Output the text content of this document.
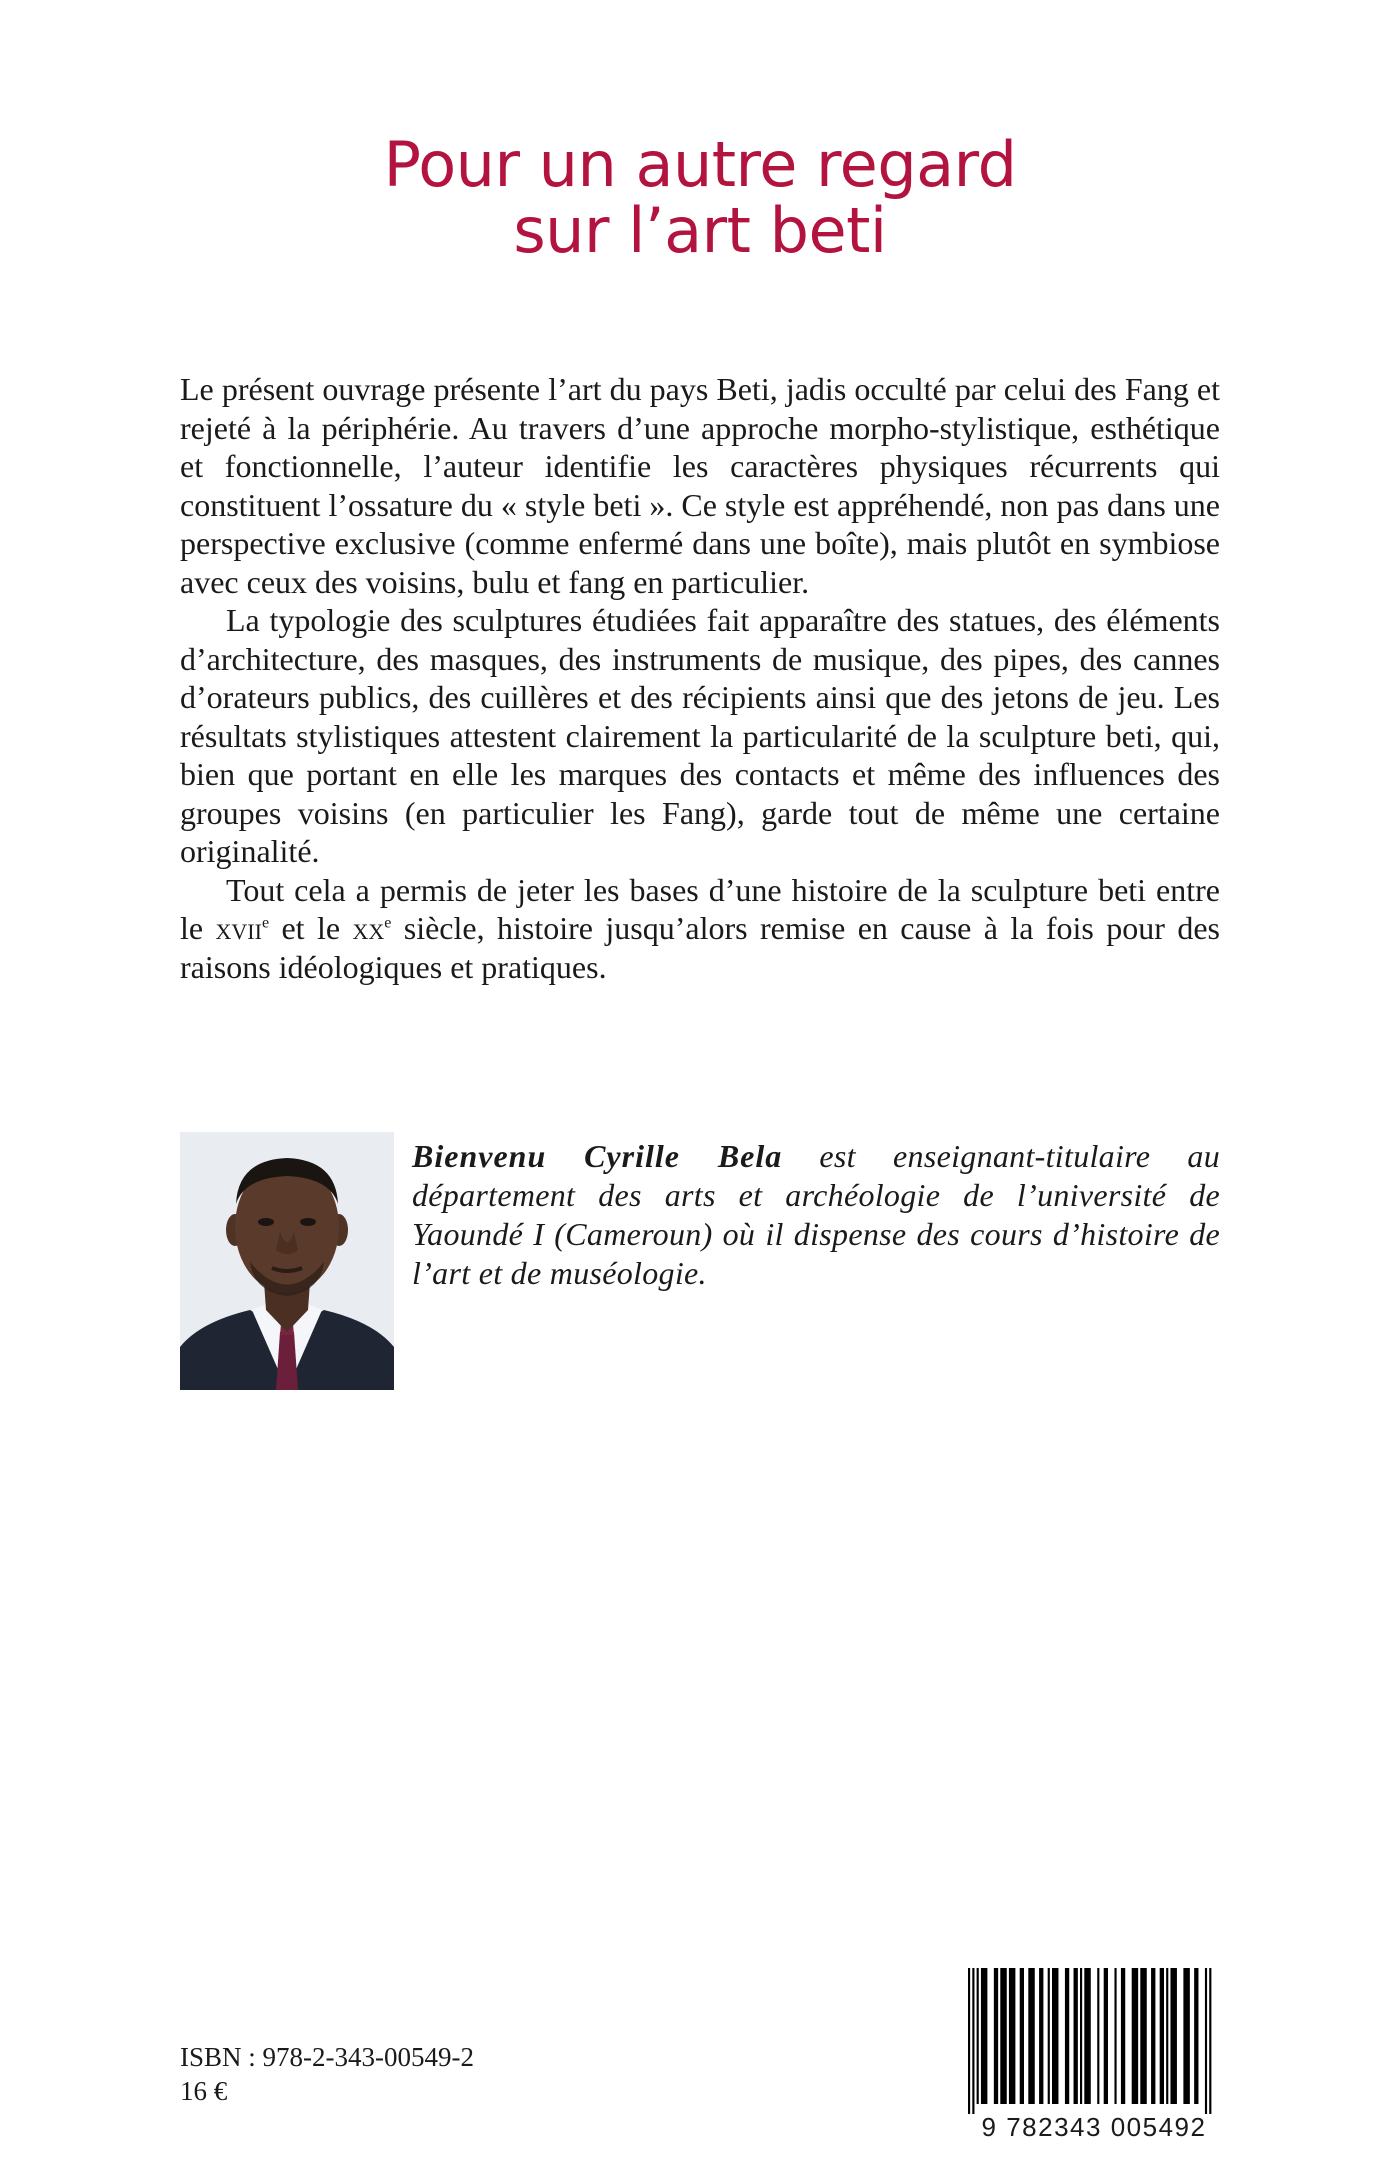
Pour un autre regard
sur l’art beti

Le présent ouvrage présente l’art du pays Beti, jadis occulté par celui des Fang et rejeté à la périphérie. Au travers d’une approche morpho-stylistique, esthétique et fonctionnelle, l’auteur identifie les caractères physiques récurrents qui constituent l’ossature du « style beti ». Ce style est appréhendé, non pas dans une perspective exclusive (comme enfermé dans une boîte), mais plutôt en symbiose avec ceux des voisins, bulu et fang en particulier.

La typologie des sculptures étudiées fait apparaître des statues, des éléments d’architecture, des masques, des instruments de musique, des pipes, des cannes d’orateurs publics, des cuillères et des récipients ainsi que des jetons de jeu. Les résultats stylistiques attestent clairement la particularité de la sculpture beti, qui, bien que portant en elle les marques des contacts et même des influences des groupes voisins (en particulier les Fang), garde tout de même une certaine originalité.

Tout cela a permis de jeter les bases d’une histoire de la sculpture beti entre le xvii$^e$ et le $xx^e$ siècle, histoire jusqu’alors remise en cause à la fois pour des raisons idéologiques et pratiques.

Bienvenu Cyrille Bela est enseignant-titulaire au département des arts et archéologie de l’université de Yaoundé I (Cameroun) où il dispense des cours d’histoire de l’art et de muséologie.
ISBN : 978-2-343-00549-2
16 €
9 782343 005492
